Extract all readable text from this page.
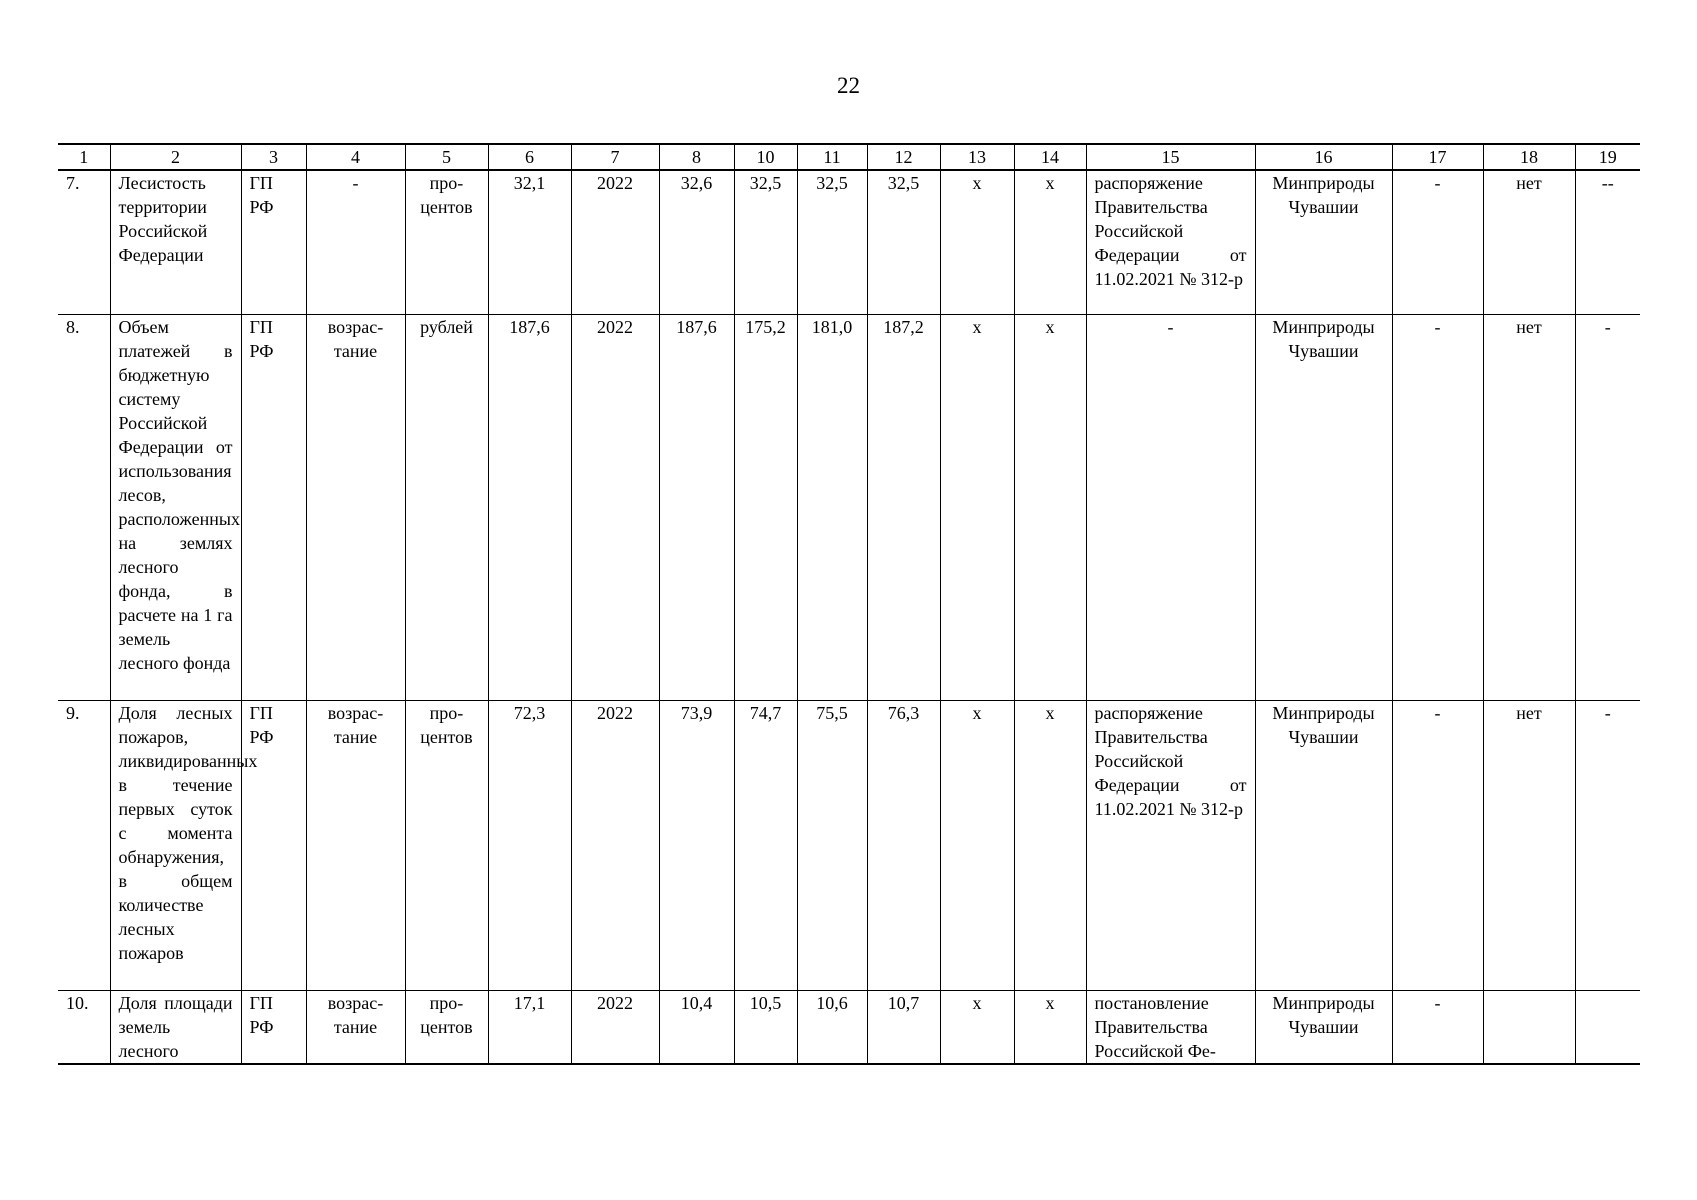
22
1	2	3	4	5	6	7	8	10	11	12	13	14	15	16	17	18	19
7.	Лесистость территории Российской Федерации	ГП РФ	-	про-центов	32,1	2022	32,6	32,5	32,5	32,5	x	x	распоряжение Правительства Российской Федерации от 11.02.2021 № 312-р	Минприроды Чувашии	-	нет	--
8.	Объем платежей в бюджетную систему Российской Федерации от использования лесов, расположенных на землях лесного фонда, в расчете на 1 га земель лесного фонда	ГП РФ	возрас-тание	рублей	187,6	2022	187,6	175,2	181,0	187,2	x	x	-	Минприроды Чувашии	-	нет	-
9.	Доля лесных пожаров, ликвидированных в течение первых суток с момента обнаружения, в общем количестве лесных пожаров	ГП РФ	возрас-тание	про-центов	72,3	2022	73,9	74,7	75,5	76,3	x	x	распоряжение Правительства Российской Федерации от 11.02.2021 № 312-р	Минприроды Чувашии	-	нет	-
10.	Доля площади земель лесного	ГП РФ	возрас-тание	про-центов	17,1	2022	10,4	10,5	10,6	10,7	x	x	постановление Правительства Российской Фе-	Минприроды Чувашии	-		
